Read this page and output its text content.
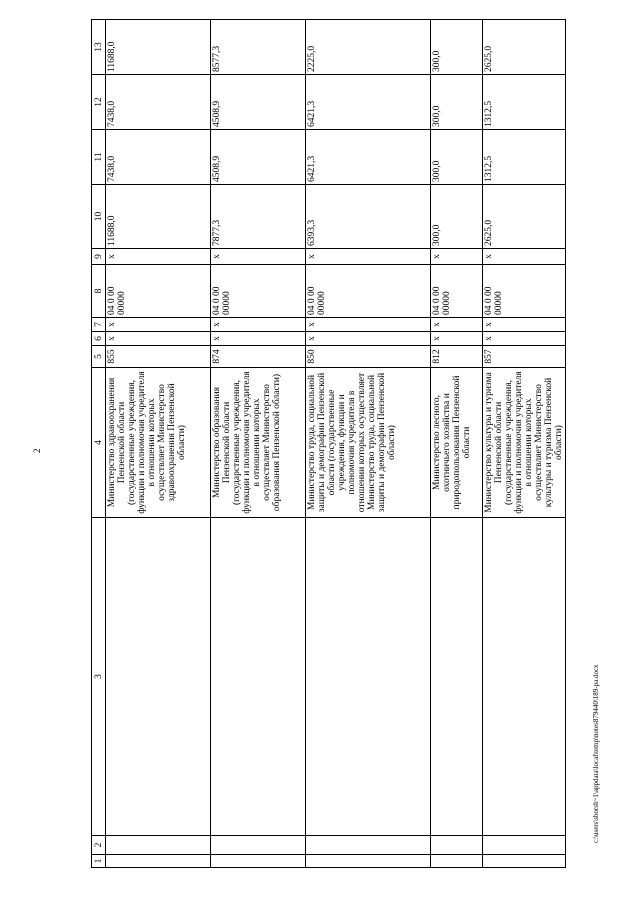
2
1	2	3	4	5	6	7	8	9	10	11	12	13
			Министерство здравоохранения Пензенской области (государственные учреждения, функции и полномочия учредителя в отношении которых осуществляет Министерство здравоохранения Пензенской области)	855	x	x	04 0 00 00000	x	11688,0	7438,0	7438,0	11688,0
			Министерство образования Пензенской области (государственные учреждения, функции и полномочия учредителя в отношении которых осуществляет Министерство образования Пензенской области)	874	x	x	04 0 00 00000	x	7877,3	4508,9	4508,9	8577,3
			Министерство труда, социальной защиты и демографии Пензенской области (государственные учреждения, функции и полномочия учредителя в отношении которых осуществляет Министерство труда, социальной защиты и демографии Пензенской области)	850	x	x	04 0 00 00000	x	6393,3	6421,3	6421,3	2225,0
			Министерство лесного, охотничьего хозяйства и природопользования Пензенской области	812	x	x	04 0 00 00000	x	300,0	300,0	300,0	300,0
			Министерство культуры и туризма Пензенской области (государственные учреждения, функции и полномочия учредителя в отношении которых осуществляет Министерство культуры и туризма Пензенской области)	857	x	x	04 0 00 00000	x	2625,0	1312,5	1312,5	2625,0
c:\users\sborsh~1\appdata\local\temp\notes879440\189-pa.docx
